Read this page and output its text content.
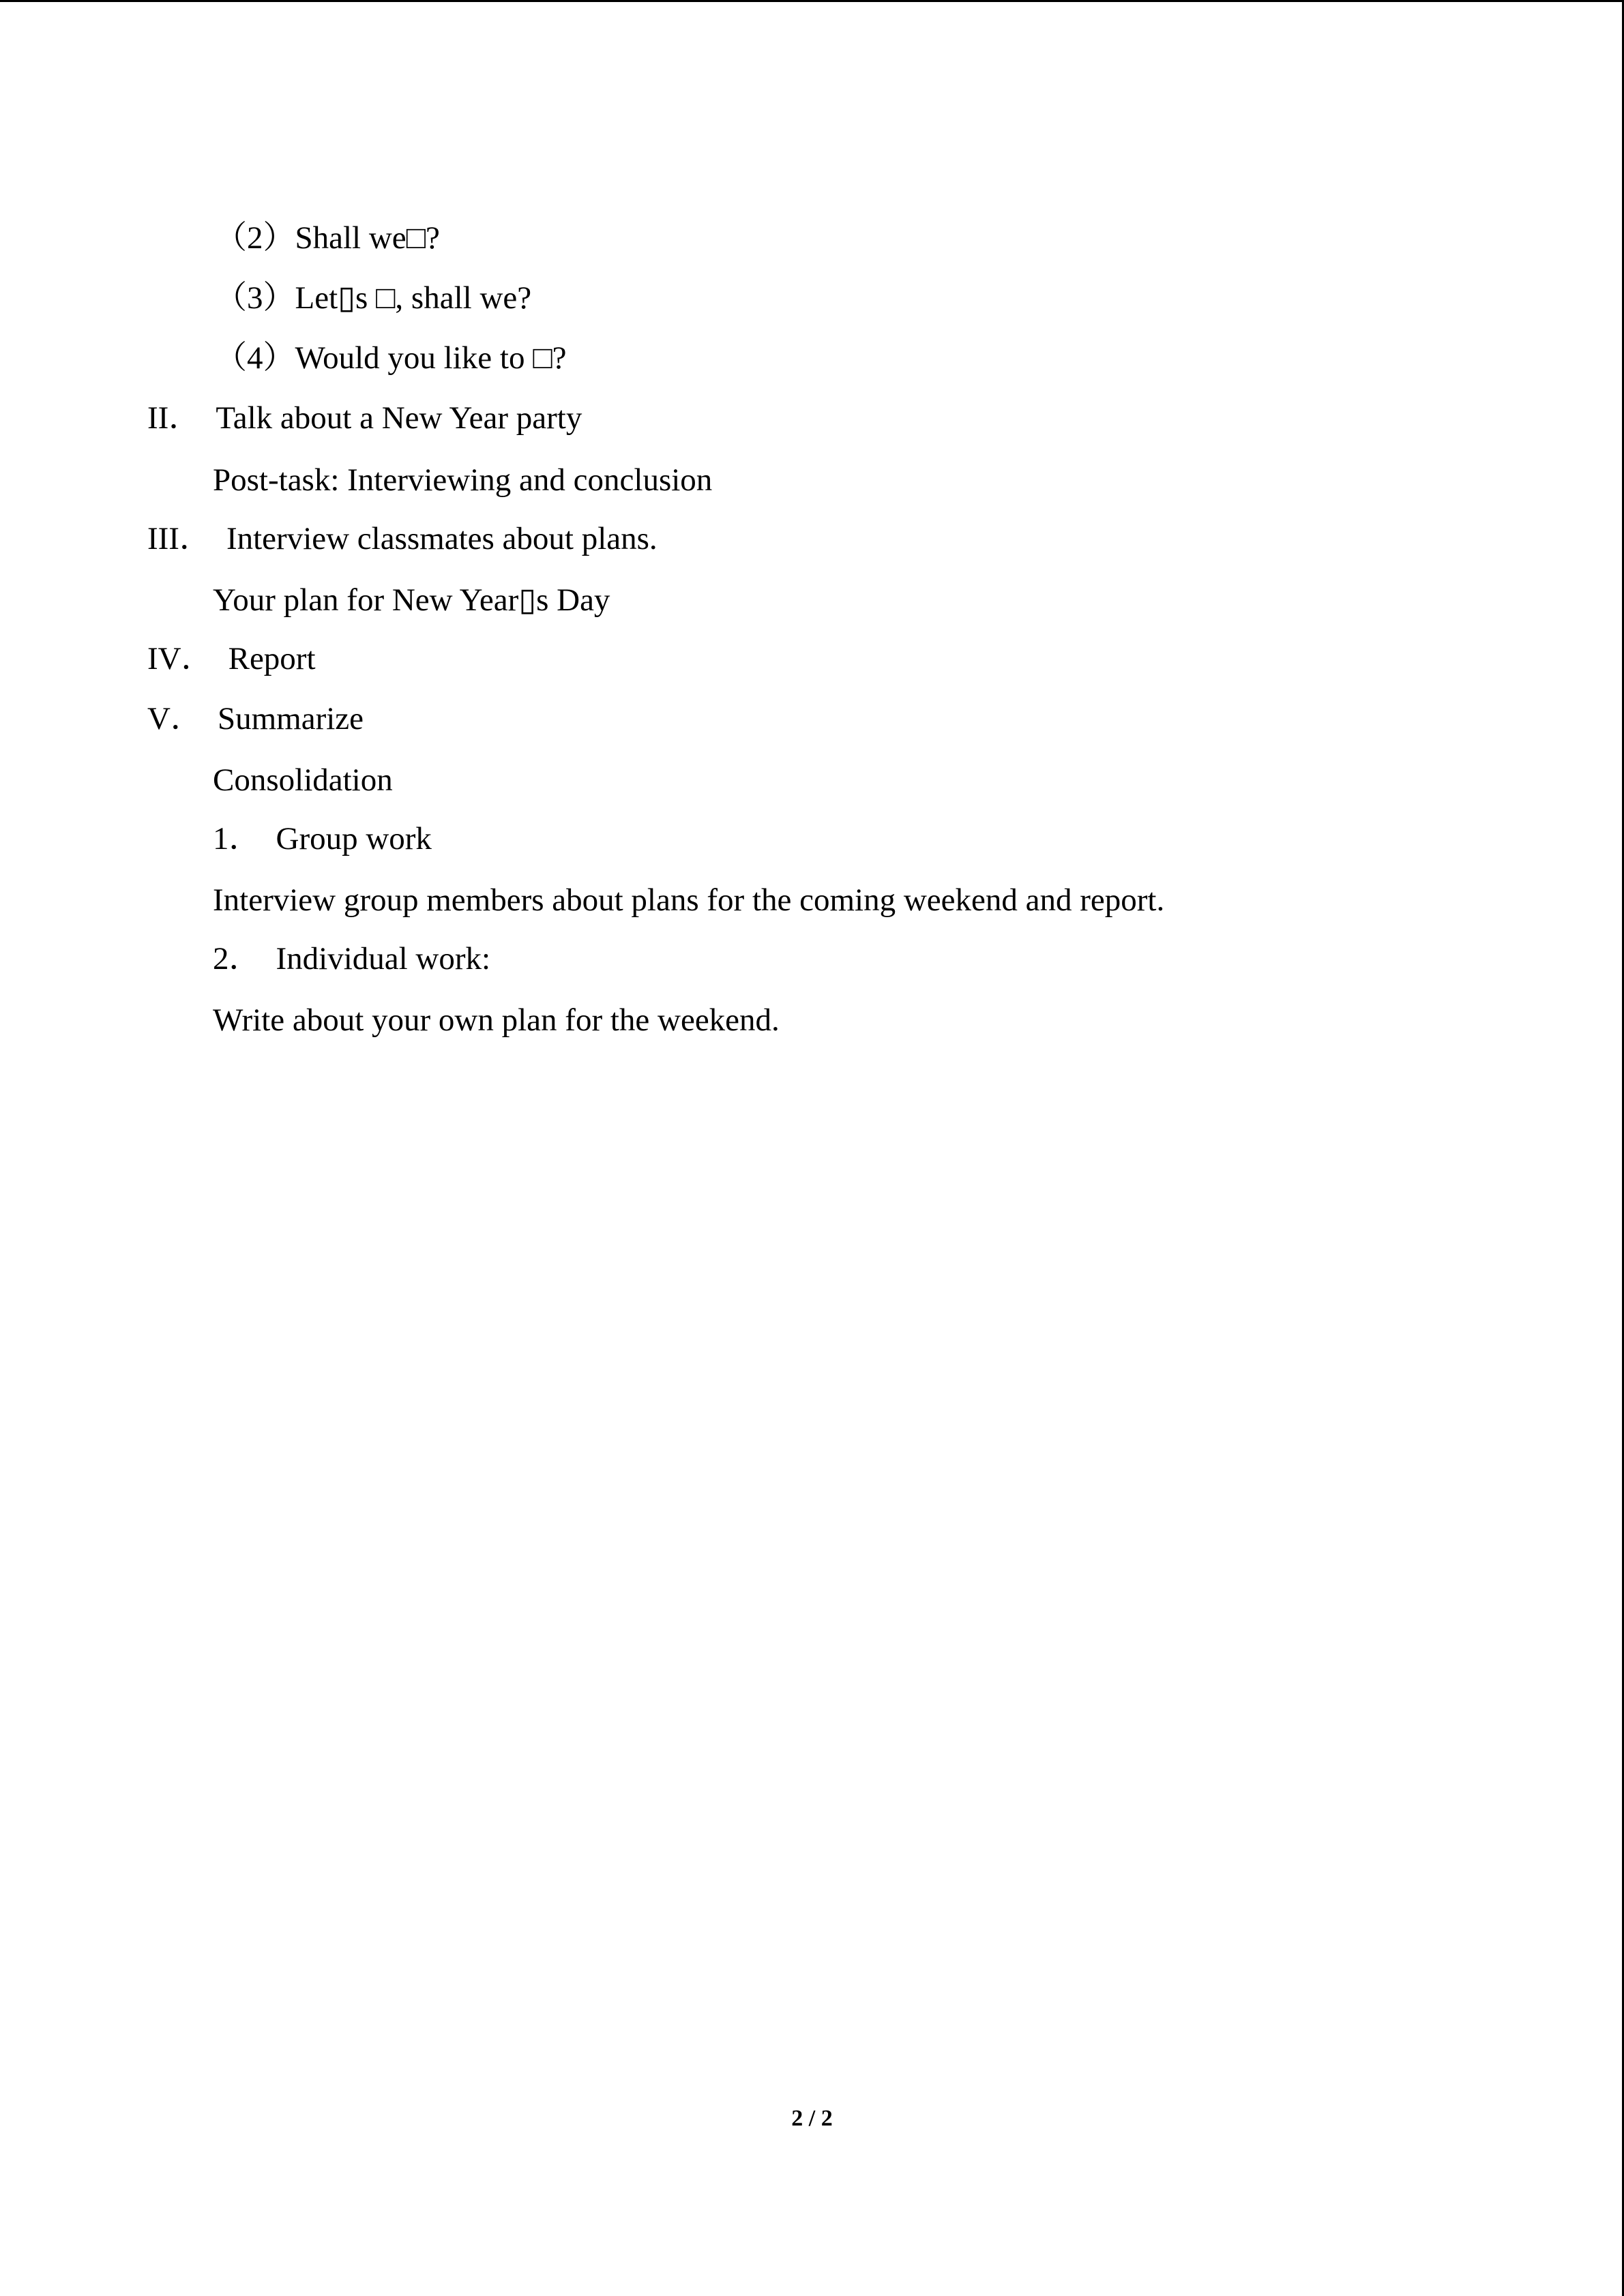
（2）Shall we□?
（3）Let▯s □, shall we?
（4）Would you like to □?
II． Talk about a New Year party
Post-task: Interviewing and conclusion
III． Interview classmates about plans.
Your plan for New Year▯s Day
IV． Report
V． Summarize
Consolidation
1． Group work
Interview group members about plans for the coming weekend and report.
2． Individual work:
Write about your own plan for the weekend.
2 / 2
